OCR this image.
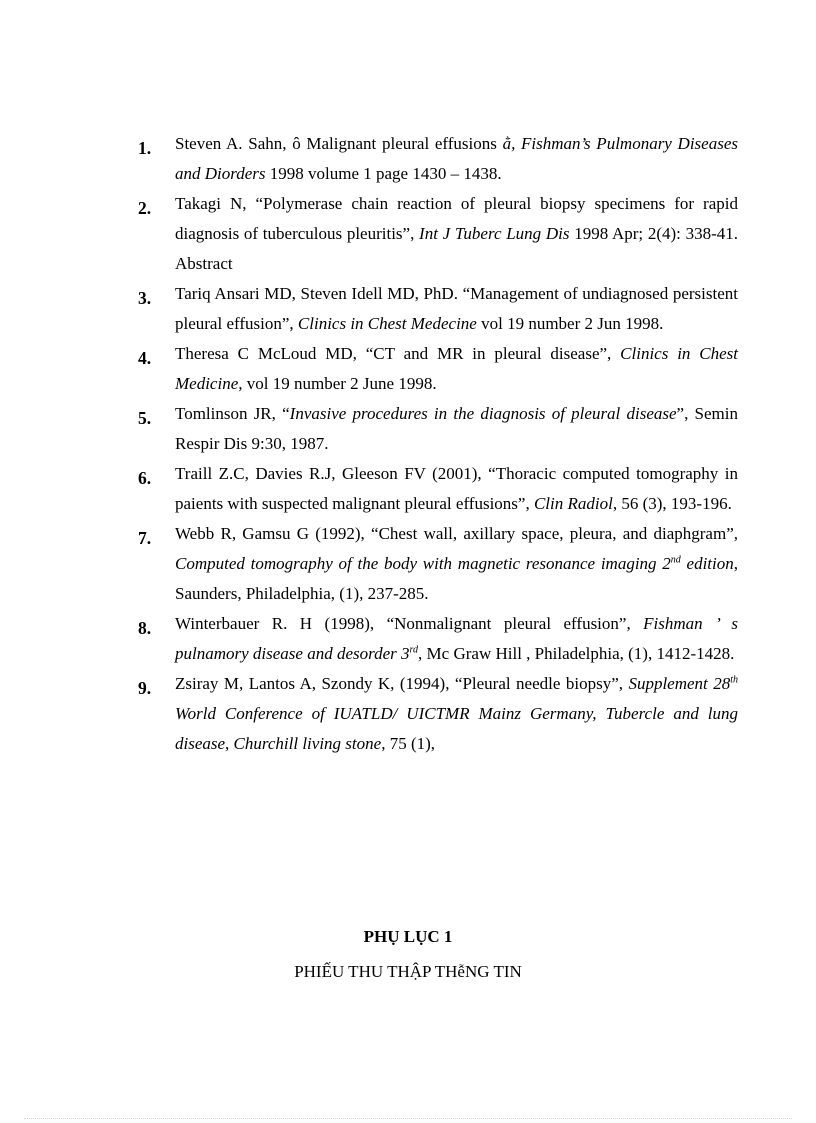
1.	Steven A. Sahn, ô Malignant pleural effusions ằ, Fishman’s Pulmonary Diseases and Diorders 1998 volume 1 page 1430 – 1438.
2.	Takagi N, “Polymerase chain reaction of pleural biopsy specimens for rapid diagnosis of tuberculous pleuritis”, Int J Tuberc Lung Dis 1998 Apr; 2(4): 338-41. Abstract
3.	Tariq Ansari MD, Steven Idell MD, PhD. “Management of undiagnosed persistent pleural effusion”, Clinics in Chest Medecine vol 19 number 2 Jun 1998.
4.	Theresa C McLoud MD, “CT and MR in pleural disease”, Clinics in Chest Medicine, vol 19 number 2 June 1998.
5.	Tomlinson JR, “Invasive procedures in the diagnosis of pleural disease”, Semin Respir Dis 9:30, 1987.
6.	Traill Z.C, Davies R.J, Gleeson FV (2001), “Thoracic computed tomography in paients with suspected malignant pleural effusions”, Clin Radiol, 56 (3), 193-196.
7.	Webb R, Gamsu G (1992), “Chest wall, axillary space, pleura, and diaphgram”, Computed tomography of the body with magnetic resonance imaging 2nd edition, Saunders, Philadelphia, (1), 237-285.
8.	Winterbauer R. H (1998), “Nonmalignant pleural effusion”, Fishman ’ s pulnamory disease and desorder 3rd, Mc Graw Hill , Philadelphia, (1), 1412-1428.
9.	Zsiray M, Lantos A, Szondy K, (1994), “Pleural needle biopsy”, Supplement 28th World Conference of IUATLD/ UICTMR Mainz Germany, Tubercle and lung disease, Churchill living stone, 75 (1),
PHỤ LỤC 1
PHIẾU THU THẬP THễNG TIN
